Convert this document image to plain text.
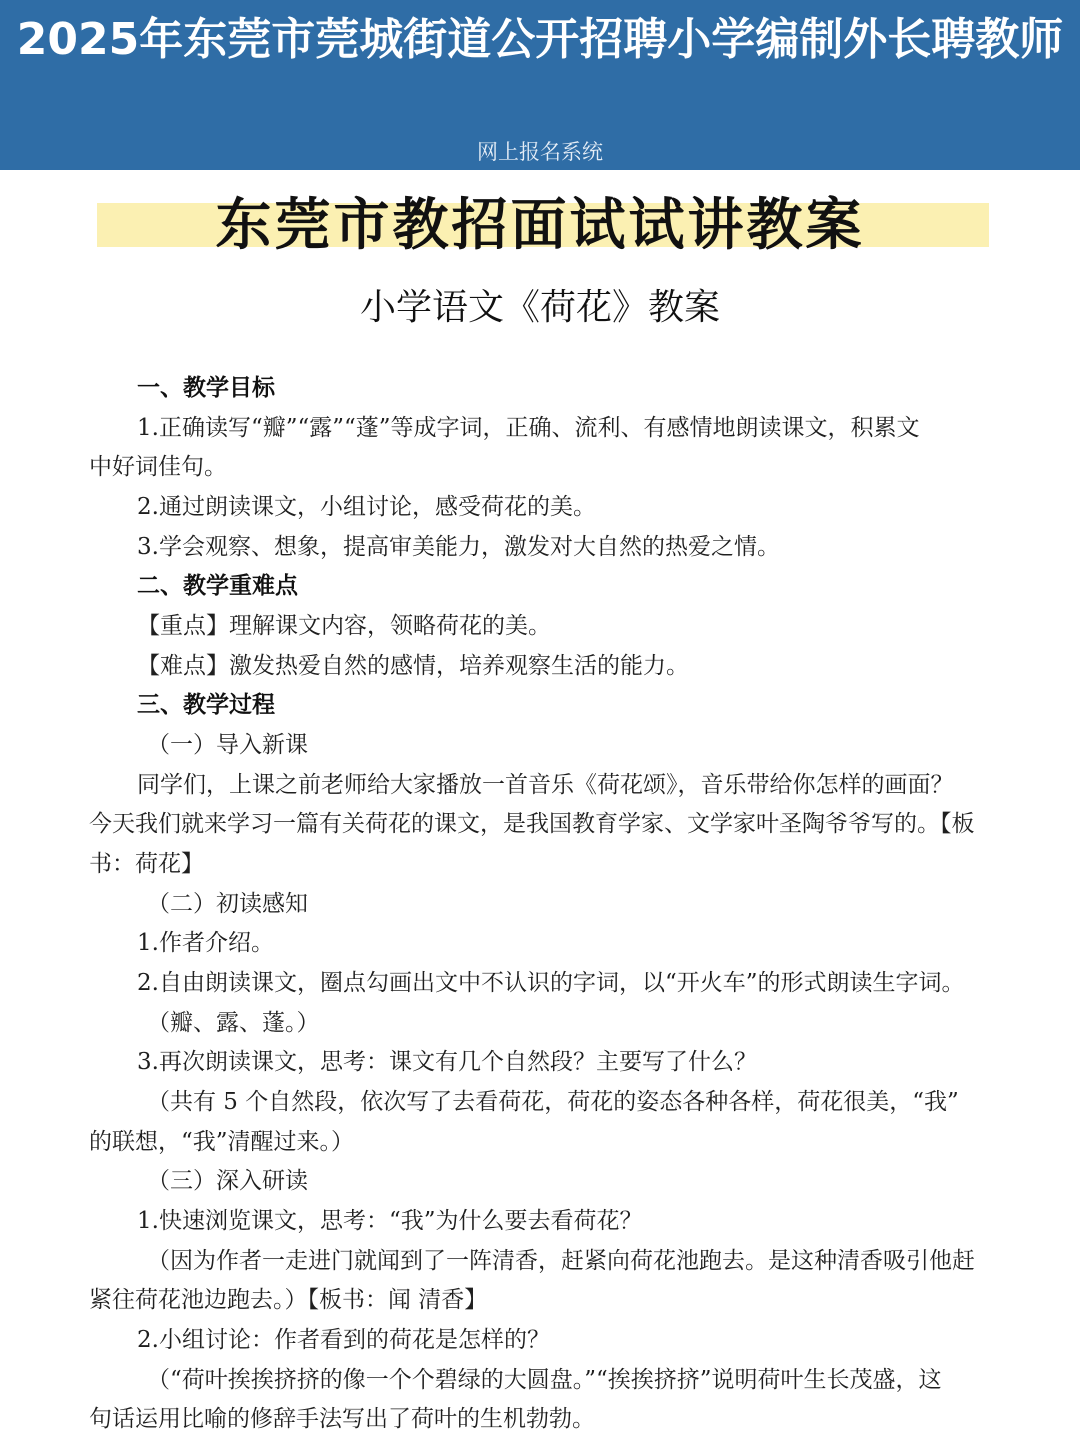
2025年东莞市莞城街道公开招聘小学编制外长聘教师
网上报名系统
东莞市教招面试试讲教案
小学语文《荷花》教案
一、教学目标
1.正确读写“瓣”“露”“蓬”等成字词，正确、流利、有感情地朗读课文，积累文
中好词佳句。
2.通过朗读课文，小组讨论，感受荷花的美。
3.学会观察、想象，提高审美能力，激发对大自然的热爱之情。
二、教学重难点
【重点】理解课文内容，领略荷花的美。
【难点】激发热爱自然的感情，培养观察生活的能力。
三、教学过程
（一）导入新课
同学们，上课之前老师给大家播放一首音乐《荷花颂》，音乐带给你怎样的画面？
今天我们就来学习一篇有关荷花的课文，是我国教育学家、文学家叶圣陶爷爷写的。【板
书：荷花】
（二）初读感知
1.作者介绍。
2.自由朗读课文，圈点勾画出文中不认识的字词，以“开火车”的形式朗读生字词。
（瓣、露、蓬。）
3.再次朗读课文，思考：课文有几个自然段？主要写了什么？
（共有 5 个自然段，依次写了去看荷花，荷花的姿态各种各样，荷花很美，“我”
的联想，“我”清醒过来。）
（三）深入研读
1.快速浏览课文，思考：“我”为什么要去看荷花？
（因为作者一走进门就闻到了一阵清香，赶紧向荷花池跑去。是这种清香吸引他赶
紧往荷花池边跑去。）【板书：闻 清香】
2.小组讨论：作者看到的荷花是怎样的？
（“荷叶挨挨挤挤的像一个个碧绿的大圆盘。”“挨挨挤挤”说明荷叶生长茂盛，这
句话运用比喻的修辞手法写出了荷叶的生机勃勃。
